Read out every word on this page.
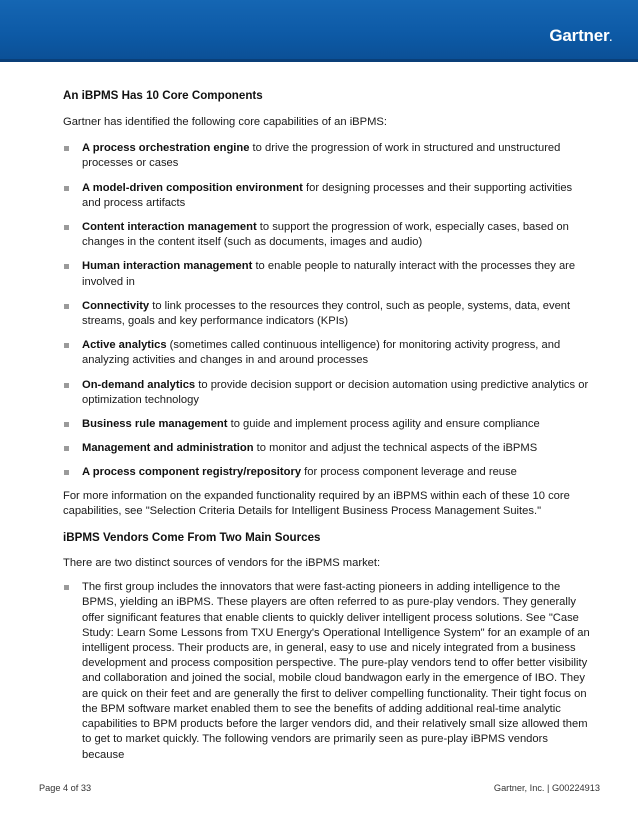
Gartner.
An iBPMS Has 10 Core Components
Gartner has identified the following core capabilities of an iBPMS:
A process orchestration engine to drive the progression of work in structured and unstructured processes or cases
A model-driven composition environment for designing processes and their supporting activities and process artifacts
Content interaction management to support the progression of work, especially cases, based on changes in the content itself (such as documents, images and audio)
Human interaction management to enable people to naturally interact with the processes they are involved in
Connectivity to link processes to the resources they control, such as people, systems, data, event streams, goals and key performance indicators (KPIs)
Active analytics (sometimes called continuous intelligence) for monitoring activity progress, and analyzing activities and changes in and around processes
On-demand analytics to provide decision support or decision automation using predictive analytics or optimization technology
Business rule management to guide and implement process agility and ensure compliance
Management and administration to monitor and adjust the technical aspects of the iBPMS
A process component registry/repository for process component leverage and reuse
For more information on the expanded functionality required by an iBPMS within each of these 10 core capabilities, see "Selection Criteria Details for Intelligent Business Process Management Suites."
iBPMS Vendors Come From Two Main Sources
There are two distinct sources of vendors for the iBPMS market:
The first group includes the innovators that were fast-acting pioneers in adding intelligence to the BPMS, yielding an iBPMS. These players are often referred to as pure-play vendors. They generally offer significant features that enable clients to quickly deliver intelligent process solutions. See "Case Study: Learn Some Lessons from TXU Energy's Operational Intelligence System" for an example of an intelligent process. Their products are, in general, easy to use and nicely integrated from a business development and process composition perspective. The pure-play vendors tend to offer better visibility and collaboration and joined the social, mobile cloud bandwagon early in the emergence of IBO. They are quick on their feet and are generally the first to deliver compelling functionality. Their tight focus on the BPM software market enabled them to see the benefits of adding additional real-time analytic capabilities to BPM products before the larger vendors did, and their relatively small size allowed them to get to market quickly. The following vendors are primarily seen as pure-play iBPMS vendors because
Page 4 of 33	Gartner, Inc. | G00224913
